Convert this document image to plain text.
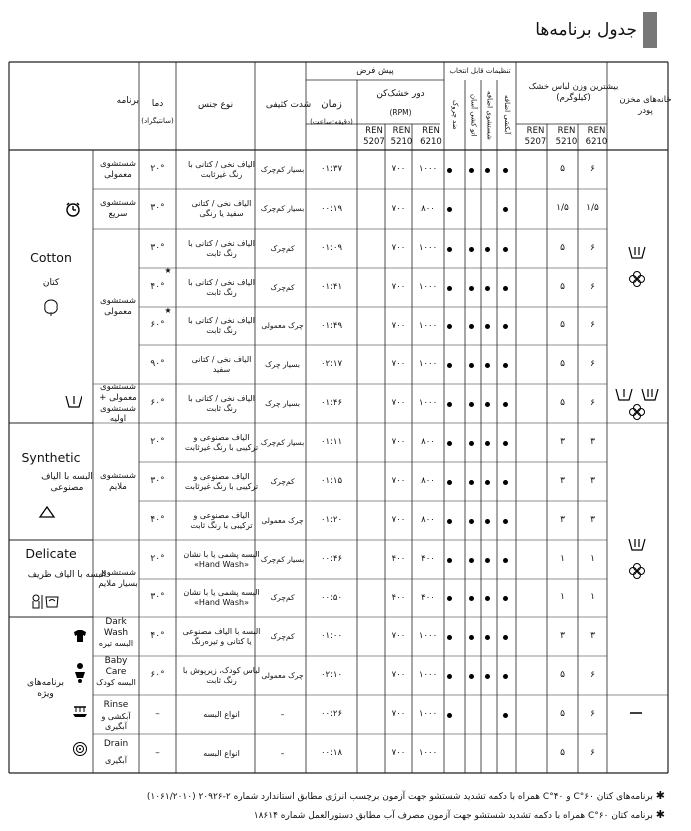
جدول برنامه‌ها
خانه‌های مخزن پودر
بیشترین وزن لباس خشک (کیلوگرم)
REN 6210
REN 5210
REN 5207
تنظیمات قابل انتخاب
آبکشی اضافه
شستشوی اضافه
اتو کشی آسان
ضد چروک
پیش فرض
دور خشک‌کن
(RPM)
REN 6210
REN 5210
REN 5207
زمان
(دقیقه:ساعت)
شدت کثیفی
نوع جنس
دما
(سانتیگراد)
برنامه
۶
۵
۱۰۰۰
۷۰۰
۰۱:۳۷
بسیار کم‌چرک
الیاف نخی / کتانی با رنگ غیرثابت
۲۰°
۱/۵
۱/۵
۸۰۰
۷۰۰
۰۰:۱۹
بسیار کم‌چرک
الیاف نخی / کتانی سفید یا رنگی
۳۰°
۶
۵
۱۰۰۰
۷۰۰
۰۱:۰۹
کم‌چرک
الیاف نخی / کتانی با رنگ ثابت
۳۰°
۶
۵
۱۰۰۰
۷۰۰
۰۱:۴۱
کم‌چرک
الیاف نخی / کتانی با رنگ ثابت
۴۰°
۶
۵
۱۰۰۰
۷۰۰
۰۱:۴۹
چرک معمولی
الیاف نخی / کتانی با رنگ ثابت
۶۰°
۶
۵
۱۰۰۰
۷۰۰
۰۲:۱۷
بسیار چرک
الیاف نخی / کتانی سفید
۹۰°
۶
۵
۱۰۰۰
۷۰۰
۰۱:۴۶
بسیار چرک
الیاف نخی / کتانی با رنگ ثابت
۶۰°
۳
۳
۸۰۰
۷۰۰
۰۱:۱۱
بسیار کم‌چرک
الیاف مصنوعی و ترکیبی با رنگ غیرثابت
۲۰°
۳
۳
۸۰۰
۷۰۰
۰۱:۱۵
کم‌چرک
الیاف مصنوعی و ترکیبی با رنگ غیرثابت
۳۰°
۳
۳
۸۰۰
۷۰۰
۰۱:۲۰
چرک معمولی
الیاف مصنوعی و ترکیبی با رنگ ثابت
۴۰°
۱
۱
۴۰۰
۴۰۰
۰۰:۴۶
بسیار کم‌چرک
البسه پشمی یا با نشان «Hand Wash»
۲۰°
۱
۱
۴۰۰
۴۰۰
۰۰:۵۰
کم‌چرک
البسه پشمی یا با نشان «Hand Wash»
۳۰°
۳
۳
۱۰۰۰
۷۰۰
۰۱:۰۰
کم‌چرک
البسه با الیاف مصنوعی یا کتانی و تیره‌رنگ
۴۰°
۶
۵
۱۰۰۰
۷۰۰
۰۲:۱۰
چرک معمولی
لباس کودک، زیرپوش با رنگ ثابت
۶۰°
۶
۵
۱۰۰۰
۷۰۰
۰۰:۲۶
–
انواع البسه
–
۶
۵
۱۰۰۰
۷۰۰
۰۰:۱۸
–
انواع البسه
–
شستشوی معمولی
شستشوی سریع
شستشوی معمولی
شستشوی معمولی + شستشوی اولیه
شستشوی ملایم
شستشوی بسیار ملایم
Dark Wash
البسه تیره
Baby Care
البسه کودک
Rinse
آبکشی و آبگیری
Drain
آبگیری
Cotton
کتان
Synthetic
البسه با الیاف مصنوعی
Delicate
البسه با الیاف ظریف
برنامه‌های ویژه
★
★
✱ برنامه‌های کتان ۶۰°C و ۴۰°C همراه با دکمه تشدید شستشو جهت آزمون برچسب انرژی مطابق استاندارد شماره ۲-۲۰۹۲۶ (۱۰۶۱/۲۰۱۰)
✱ برنامه کتان ۶۰°C همراه با دکمه تشدید شستشو جهت آزمون مصرف آب مطابق دستورالعمل شماره ۱۸۶۱۴
